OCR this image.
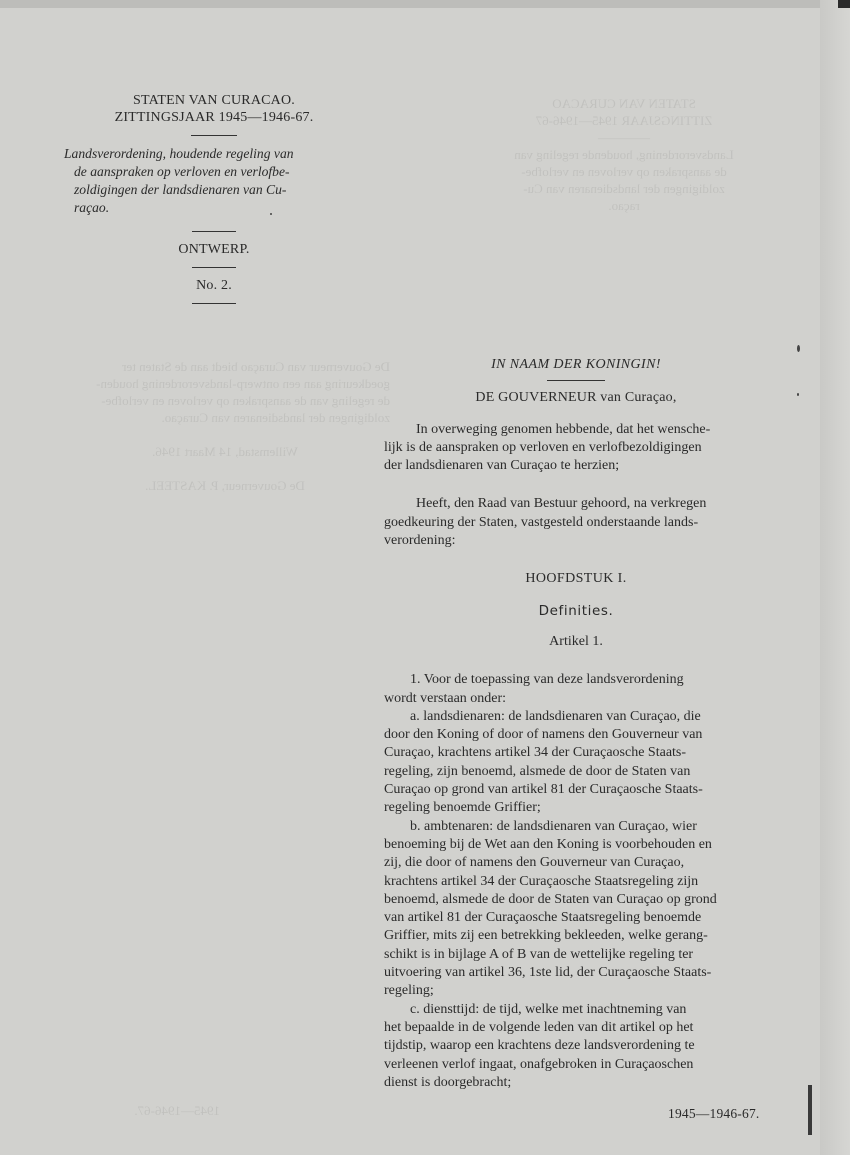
STATEN VAN CURACAO
ZITTINGSJAAR 1945—1946-67
————
Landsverordening, houdende regeling van
de aanspraken op verloven en verlofbe-
zoldigingen der landsdienaren van Cu-
raçao.
De Gouverneur van Curaçao biedt aan de Staten ter
goedkeuring aan een ontwerp-landsverordening houden-
de regeling van de aanspraken op verloven en verlofbe-
zoldigingen der landsdienaren van Curaçao.

Willemstad, 14 Maart 1946.

De Gouverneur, P. KASTEEL.
1945—1946-67.
STATEN VAN CURACAO.
ZITTINGSJAAR 1945—1946-67.
Landsverordening, houdende regeling van
de aanspraken op verloven en verlofbe-
zoldigingen der landsdienaren van Cu-
raçao.
ONTWERP.
No. 2.
IN NAAM DER KONINGIN!
DE GOUVERNEUR van Curaçao,
In overweging genomen hebbende, dat het wensche-
lijk is de aanspraken op verloven en verlofbezoldigingen
der landsdienaren van Curaçao te herzien;
Heeft, den Raad van Bestuur gehoord, na verkregen
goedkeuring der Staten, vastgesteld onderstaande lands-
verordening:
HOOFDSTUK I.
Definities.
Artikel 1.
1. Voor de toepassing van deze landsverordening
wordt verstaan onder:
a. landsdienaren: de landsdienaren van Curaçao, die
door den Koning of door of namens den Gouverneur van
Curaçao, krachtens artikel 34 der Curaçaosche Staats-
regeling, zijn benoemd, alsmede de door de Staten van
Curaçao op grond van artikel 81 der Curaçaosche Staats-
regeling benoemde Griffier;
b. ambtenaren: de landsdienaren van Curaçao, wier
benoeming bij de Wet aan den Koning is voorbehouden en
zij, die door of namens den Gouverneur van Curaçao,
krachtens artikel 34 der Curaçaosche Staatsregeling zijn
benoemd, alsmede de door de Staten van Curaçao op grond
van artikel 81 der Curaçaosche Staatsregeling benoemde
Griffier, mits zij een betrekking bekleeden, welke gerang-
schikt is in bijlage A of B van de wettelijke regeling ter
uitvoering van artikel 36, 1ste lid, der Curaçaosche Staats-
regeling;
c. diensttijd: de tijd, welke met inachtneming van
het bepaalde in de volgende leden van dit artikel op het
tijdstip, waarop een krachtens deze landsverordening te
verleenen verlof ingaat, onafgebroken in Curaçaoschen
dienst is doorgebracht;
1945—1946-67.
